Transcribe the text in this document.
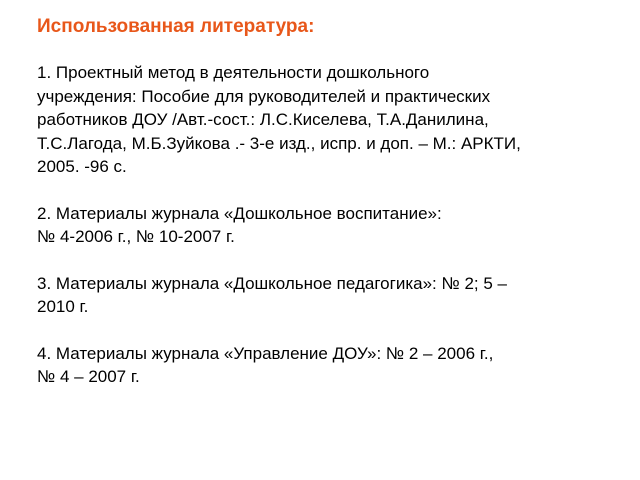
Использованная литература:
1. Проектный метод в деятельности дошкольного
учреждения: Пособие для руководителей и практических
работников ДОУ /Авт.-сост.: Л.С.Киселева, Т.А.Данилина,
Т.С.Лагода, М.Б.Зуйкова .- 3-е изд., испр. и доп. – М.: АРКТИ,
2005. -96 с.
2. Материалы журнала «Дошкольное воспитание»:
№ 4-2006 г., № 10-2007 г.
3. Материалы журнала «Дошкольное педагогика»: № 2; 5 –
2010 г.
4. Материалы журнала «Управление ДОУ»: № 2 – 2006 г.,
№ 4 – 2007 г.
